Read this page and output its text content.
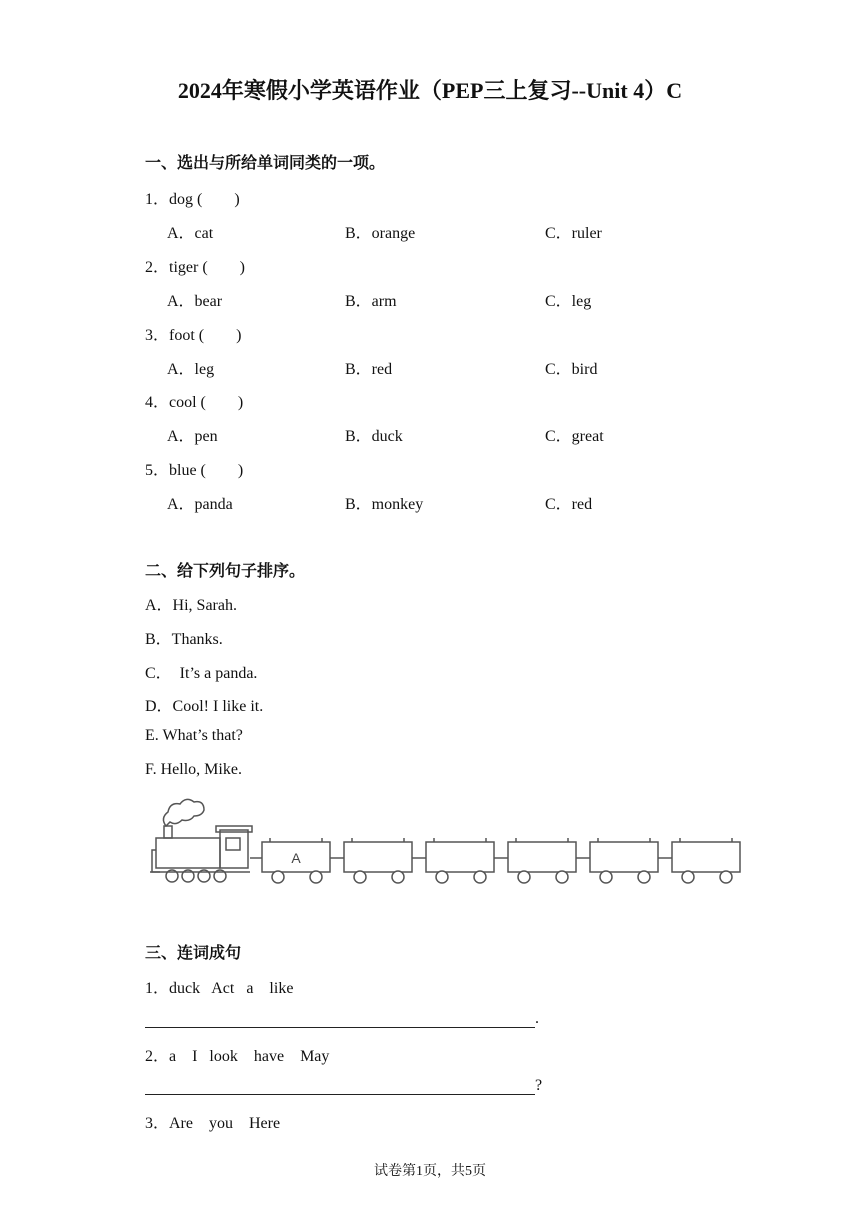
2024年寒假小学英语作业（PEP三上复习--Unit 4）C
一、选出与所给单词同类的一项。
1．dog (　　)
A．cat	B．orange	C．ruler
2．tiger (　　)
A．bear	B．arm	C．leg
3．foot (　　)
A．leg	B．red	C．bird
4．cool (　　)
A．pen	B．duck	C．great
5．blue (　　)
A．panda	B．monkey	C．red
二、给下列句子排序。
A．Hi, Sarah.
B．Thanks.
C．  It’s a panda.
D．Cool! I like it.
E. What’s that?
F. Hello, Mike.
A
三、连词成句
1．duck   Act   a    like
.
2．a    I   look    have    May
?
3．Are    you    Here
试卷第1页，共5页
